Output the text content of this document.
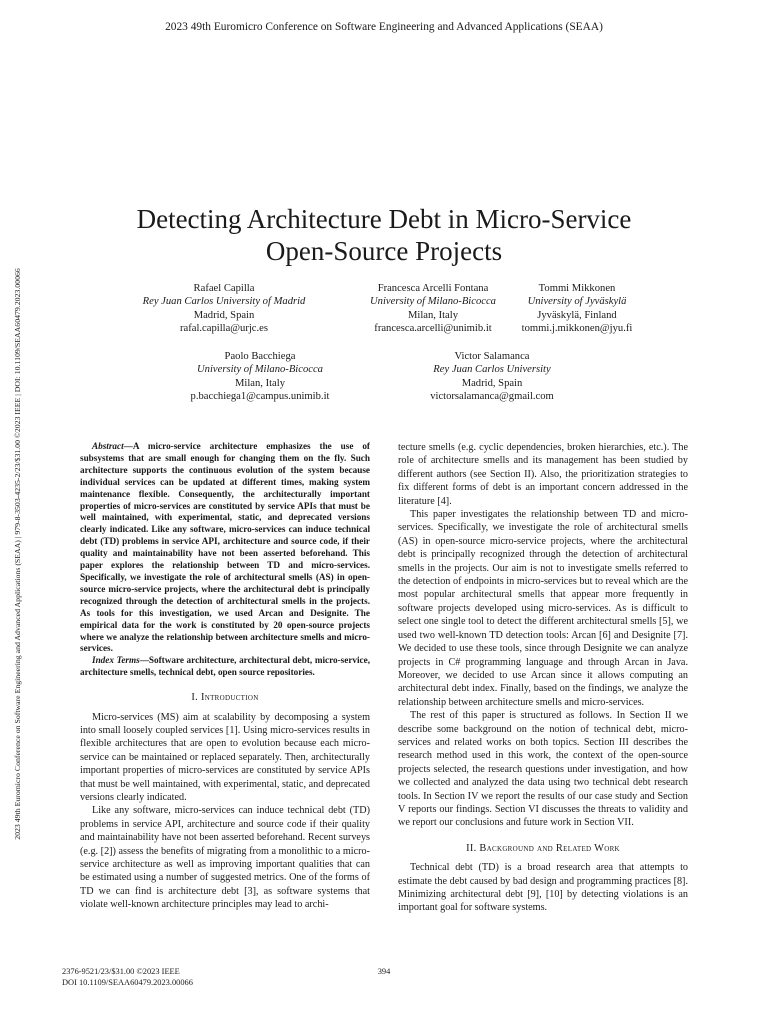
2023 49th Euromicro Conference on Software Engineering and Advanced Applications (SEAA)
2023 49th Euromicro Conference on Software Engineering and Advanced Applications (SEAA) | 979-8-3503-4235-2/23/$31.00 ©2023 IEEE | DOI: 10.1109/SEAA60479.2023.00066
Detecting Architecture Debt in Micro-Service
Open-Source Projects
Rafael Capilla
Rey Juan Carlos University of Madrid
Madrid, Spain
rafal.capilla@urjc.es
Francesca Arcelli Fontana
University of Milano-Bicocca
Milan, Italy
francesca.arcelli@unimib.it
Tommi Mikkonen
University of Jyväskylä
Jyväskylä, Finland
tommi.j.mikkonen@jyu.fi
Paolo Bacchiega
University of Milano-Bicocca
Milan, Italy
p.bacchiega1@campus.unimib.it
Victor Salamanca
Rey Juan Carlos University
Madrid, Spain
victorsalamanca@gmail.com

Abstract—A micro-service architecture emphasizes the use of subsystems that are small enough for changing them on the fly. Such architecture supports the continuous evolution of the system because individual services can be updated at different times, making system maintenance flexible. Consequently, the architecturally important properties of micro-services are constituted by service APIs that must be well maintained, with experimental, static, and deprecated versions clearly indicated. Like any software, micro-services can induce technical debt (TD) problems in service API, architecture and source code, if their quality and maintainability have not been asserted beforehand. This paper explores the relationship between TD and micro-services. Specifically, we investigate the role of architectural smells (AS) in open-source micro-service projects, where the architectural debt is principally recognized through the detection of architectural smells in the projects. As tools for this investigation, we used Arcan and Designite. The empirical data for the work is constituted by 20 open-source projects where we analyze the relationship between architecture smells and micro-services.

Index Terms—Software architecture, architectural debt, micro-service, architecture smells, technical debt, open source repositories.

I. Introduction

Micro-services (MS) aim at scalability by decomposing a system into small loosely coupled services [1]. Using micro-services results in flexible architectures that are open to evolution because each micro-service can be maintained or replaced separately. Then, architecturally important properties of micro-services are constituted by service APIs that must be well maintained, with experimental, static, and deprecated versions clearly indicated.

Like any software, micro-services can induce technical debt (TD) problems in service API, architecture and source code if their quality and maintainability have not been asserted beforehand. Recent surveys (e.g. [2]) assess the benefits of migrating from a monolithic to a micro-service architecture as well as improving important qualities that can be estimated using a number of suggested metrics. One of the forms of TD we can find is architecture debt [3], as software systems that violate well-known architecture principles may lead to archi-

tecture smells (e.g. cyclic dependencies, broken hierarchies, etc.). The role of architecture smells and its management has been studied by different authors (see Section II). Also, the prioritization strategies to fix different forms of debt is an important concern addressed in the literature [4].

This paper investigates the relationship between TD and micro-services. Specifically, we investigate the role of architectural smells (AS) in open-source micro-service projects, where the architectural debt is principally recognized through the detection of architectural smells in the projects. Our aim is not to investigate smells referred to the detection of endpoints in micro-services but to reveal which are the most popular architectural smells that appear more frequently in software projects developed using micro-services. As is difficult to select one single tool to detect the different architectural smells [5], we used two well-known TD detection tools: Arcan [6] and Designite [7]. We decided to use these tools, since through Designite we can analyze projects in C# programming language and through Arcan in Java. Moreover, we decided to use Arcan since it allows computing an architectural debt index. Finally, based on the findings, we analyze the relationship between architecture smells and micro-services.

The rest of this paper is structured as follows. In Section II we describe some background on the notion of technical debt, micro-services and related works on both topics. Section III describes the research method used in this work, the context of the open-source projects selected, the research questions under investigation, and how we collected and analyzed the data using two technical debt research tools. In Section IV we report the results of our case study and Section V reports our findings. Section VI discusses the threats to validity and we report our conclusions and future work in Section VII.

II. Background and Related Work

Technical debt (TD) is a broad research area that attempts to estimate the debt caused by bad design and programming practices [8]. Minimizing architectural debt [9], [10] by detecting violations is an important goal for software systems.

2376-9521/23/$31.00 ©2023 IEEE
DOI 10.1109/SEAA60479.2023.00066
394
